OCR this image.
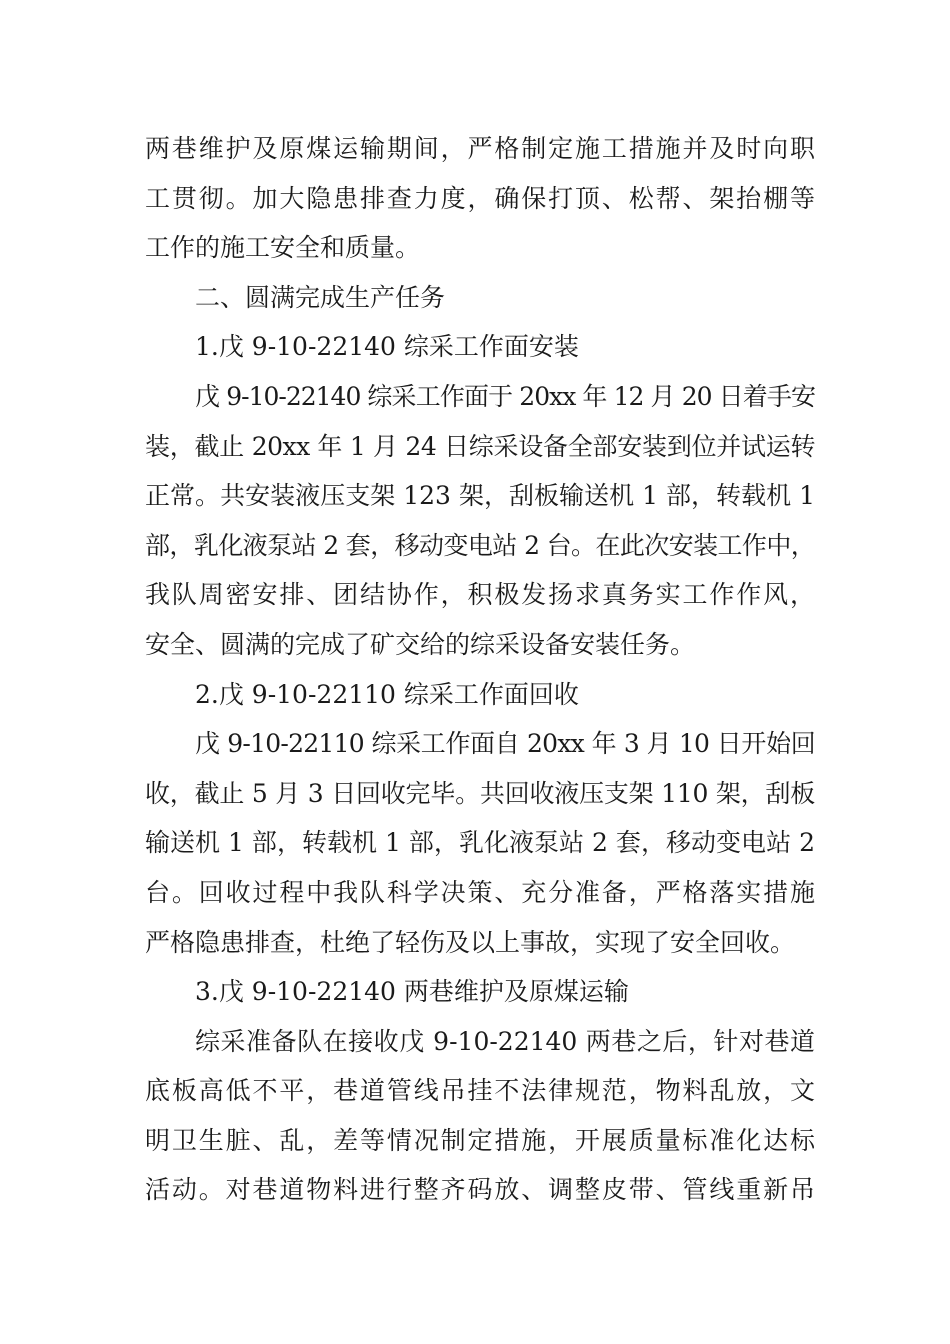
两巷维护及原煤运输期间，严格制定施工措施并及时向职
工贯彻。加大隐患排查力度，确保打顶、松帮、架抬棚等
工作的施工安全和质量。
二、圆满完成生产任务
1.戊 9-10-22140 综采工作面安装
戊 9-10-22140 综采工作面于 20xx 年 12 月 20 日着手安
装，截止 20xx 年 1 月 24 日综采设备全部安装到位并试运转
正常。共安装液压支架 123 架，刮板输送机 1 部，转载机 1
部，乳化液泵站 2 套，移动变电站 2 台。在此次安装工作中，
我队周密安排、团结协作，积极发扬求真务实工作作风，
安全、圆满的完成了矿交给的综采设备安装任务。
2.戊 9-10-22110 综采工作面回收
戊 9-10-22110 综采工作面自 20xx 年 3 月 10 日开始回
收，截止 5 月 3 日回收完毕。共回收液压支架 110 架，刮板
输送机 1 部，转载机 1 部，乳化液泵站 2 套，移动变电站 2
台。回收过程中我队科学决策、充分准备，严格落实措施
严格隐患排查，杜绝了轻伤及以上事故，实现了安全回收。
3.戊 9-10-22140 两巷维护及原煤运输
综采准备队在接收戊 9-10-22140 两巷之后，针对巷道
底板高低不平，巷道管线吊挂不法律规范，物料乱放，文
明卫生脏、乱，差等情况制定措施，开展质量标准化达标
活动。对巷道物料进行整齐码放、调整皮带、管线重新吊
